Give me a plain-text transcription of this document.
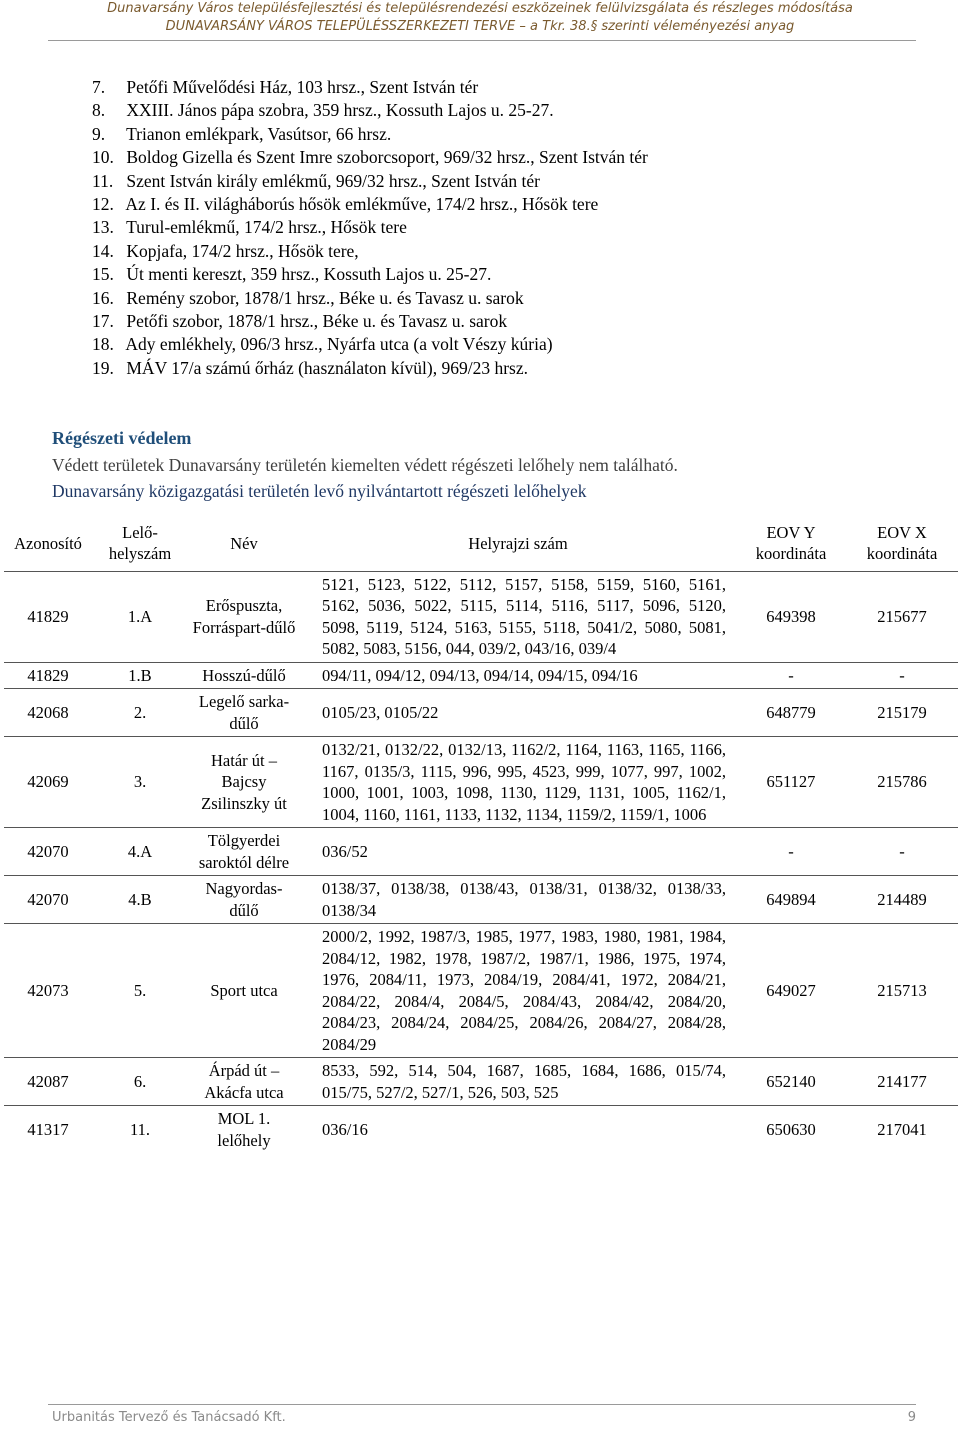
Dunavarsány Város településfejlesztési és településrendezési eszközeinek felülvizsgálata és részleges módosítása
DUNAVARSÁNY VÁROS TELEPÜLÉSSZERKEZETI TERVE – a Tkr. 38.§ szerinti véleményezési anyag
7. Petőfi Művelődési Ház, 103 hrsz., Szent István tér
8. XXIII. János pápa szobra, 359 hrsz., Kossuth Lajos u. 25-27.
9. Trianon emlékpark, Vasútsor, 66 hrsz.
10. Boldog Gizella és Szent Imre szoborcsoport, 969/32 hrsz., Szent István tér
11. Szent István király emlékmű, 969/32 hrsz., Szent István tér
12. Az I. és II. világháborús hősök emlékműve, 174/2 hrsz., Hősök tere
13. Turul-emlékmű, 174/2 hrsz., Hősök tere
14. Kopjafa, 174/2 hrsz., Hősök tere,
15. Út menti kereszt, 359 hrsz., Kossuth Lajos u. 25-27.
16. Remény szobor, 1878/1 hrsz., Béke u. és Tavasz u. sarok
17. Petőfi szobor, 1878/1 hrsz., Béke u. és Tavasz u. sarok
18. Ady emlékhely, 096/3 hrsz., Nyárfa utca (a volt Vészy kúria)
19. MÁV 17/a számú őrház (használaton kívül), 969/23 hrsz.
Régészeti védelem
Védett területek Dunavarsány területén kiemelten védett régészeti lelőhely nem található.
Dunavarsány közigazgatási területén levő nyilvántartott régészeti lelőhelyek
Azonosító	Lelő-helyszám	Név	Helyrajzi szám	EOV Y koordináta	EOV X koordináta
41829	1.A	Erőspuszta, Forráspart-dűlő	5121, 5123, 5122, 5112, 5157, 5158, 5159, 5160, 5161, 5162, 5036, 5022, 5115, 5114, 5116, 5117, 5096, 5120, 5098, 5119, 5124, 5163, 5155, 5118, 5041/2, 5080, 5081, 5082, 5083, 5156, 044, 039/2, 043/16, 039/4	649398	215677
41829	1.B	Hosszú-dűlő	094/11, 094/12, 094/13, 094/14, 094/15, 094/16	-	-
42068	2.	Legelő sarka-dűlő	0105/23, 0105/22	648779	215179
42069	3.	Határ út – Bajcsy Zsilinszky út	0132/21, 0132/22, 0132/13, 1162/2, 1164, 1163, 1165, 1166, 1167, 0135/3, 1115, 996, 995, 4523, 999, 1077, 997, 1002, 1000, 1001, 1003, 1098, 1130, 1129, 1131, 1005, 1162/1, 1004, 1160, 1161, 1133, 1132, 1134, 1159/2, 1159/1, 1006	651127	215786
42070	4.A	Tölgyerdei saroktól délre	036/52	-	-
42070	4.B	Nagyordas-dűlő	0138/37, 0138/38, 0138/43, 0138/31, 0138/32, 0138/33, 0138/34	649894	214489
42073	5.	Sport utca	2000/2, 1992, 1987/3, 1985, 1977, 1983, 1980, 1981, 1984, 2084/12, 1982, 1978, 1987/2, 1987/1, 1986, 1975, 1974, 1976, 2084/11, 1973, 2084/19, 2084/41, 1972, 2084/21, 2084/22, 2084/4, 2084/5, 2084/43, 2084/42, 2084/20, 2084/23, 2084/24, 2084/25, 2084/26, 2084/27, 2084/28, 2084/29	649027	215713
42087	6.	Árpád út – Akácfa utca	8533, 592, 514, 504, 1687, 1685, 1684, 1686, 015/74, 015/75, 527/2, 527/1, 526, 503, 525	652140	214177
41317	11.	MOL 1. lelőhely	036/16	650630	217041
Urbanitás Tervező és Tanácsadó Kft.	9
